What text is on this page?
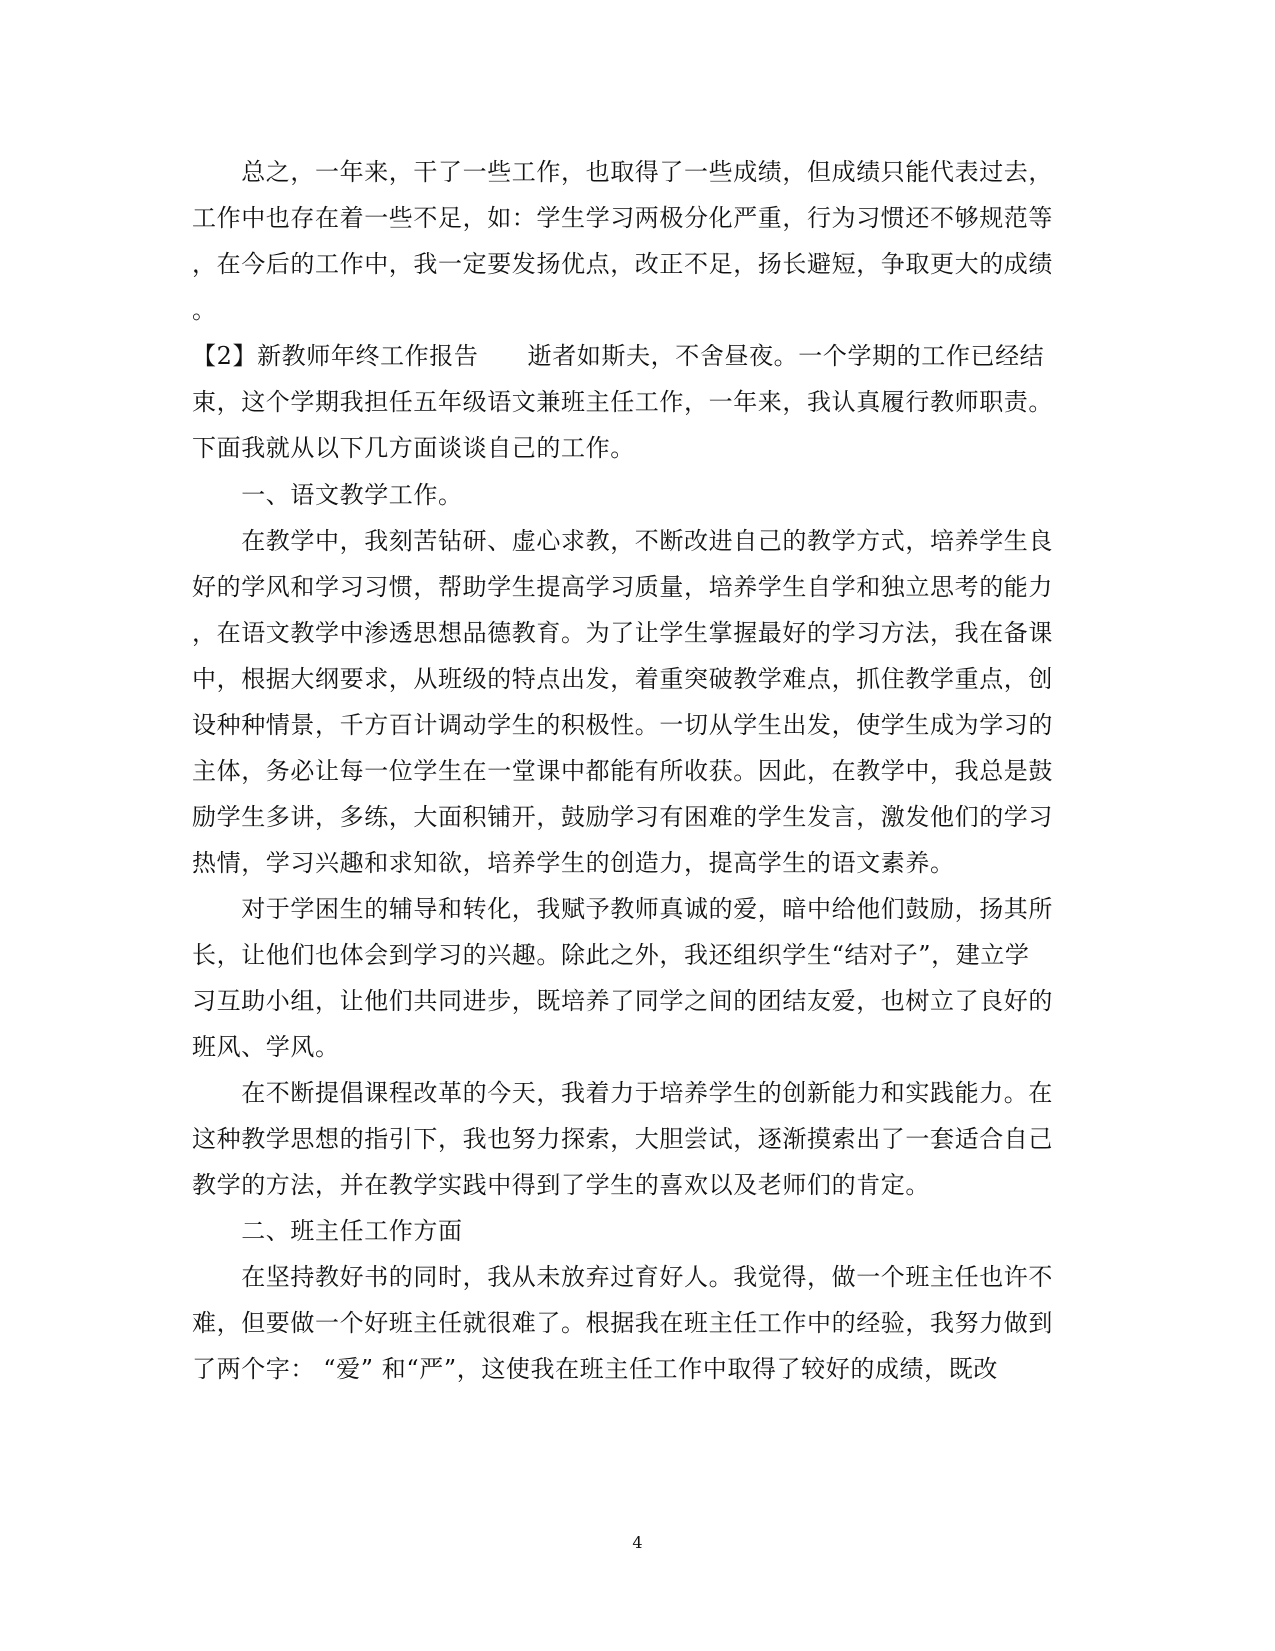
　　总之，一年来，干了一些工作，也取得了一些成绩，但成绩只能代表过去，
工作中也存在着一些不足，如：学生学习两极分化严重，行为习惯还不够规范等
，在今后的工作中，我一定要发扬优点，改正不足，扬长避短，争取更大的成绩
。
【2】新教师年终工作报告　　逝者如斯夫，不舍昼夜。一个学期的工作已经结
束，这个学期我担任五年级语文兼班主任工作，一年来，我认真履行教师职责。
下面我就从以下几方面谈谈自己的工作。
　　一、语文教学工作。
　　在教学中，我刻苦钻研、虚心求教，不断改进自己的教学方式，培养学生良
好的学风和学习习惯，帮助学生提高学习质量，培养学生自学和独立思考的能力
，在语文教学中渗透思想品德教育。为了让学生掌握最好的学习方法，我在备课
中，根据大纲要求，从班级的特点出发，着重突破教学难点，抓住教学重点，创
设种种情景，千方百计调动学生的积极性。一切从学生出发，使学生成为学习的
主体，务必让每一位学生在一堂课中都能有所收获。因此，在教学中，我总是鼓
励学生多讲，多练，大面积铺开，鼓励学习有困难的学生发言，激发他们的学习
热情，学习兴趣和求知欲，培养学生的创造力，提高学生的语文素养。
　　对于学困生的辅导和转化，我赋予教师真诚的爱，暗中给他们鼓励，扬其所
长，让他们也体会到学习的兴趣。除此之外，我还组织学生“结对子”，建立学
习互助小组，让他们共同进步，既培养了同学之间的团结友爱，也树立了良好的
班风、学风。
　　在不断提倡课程改革的今天，我着力于培养学生的创新能力和实践能力。在
这种教学思想的指引下，我也努力探索，大胆尝试，逐渐摸索出了一套适合自己
教学的方法，并在教学实践中得到了学生的喜欢以及老师们的肯定。
　　二、班主任工作方面
　　在坚持教好书的同时，我从未放弃过育好人。我觉得，做一个班主任也许不
难，但要做一个好班主任就很难了。根据我在班主任工作中的经验，我努力做到
了两个字： “爱” 和“严”，这使我在班主任工作中取得了较好的成绩，既改
4
